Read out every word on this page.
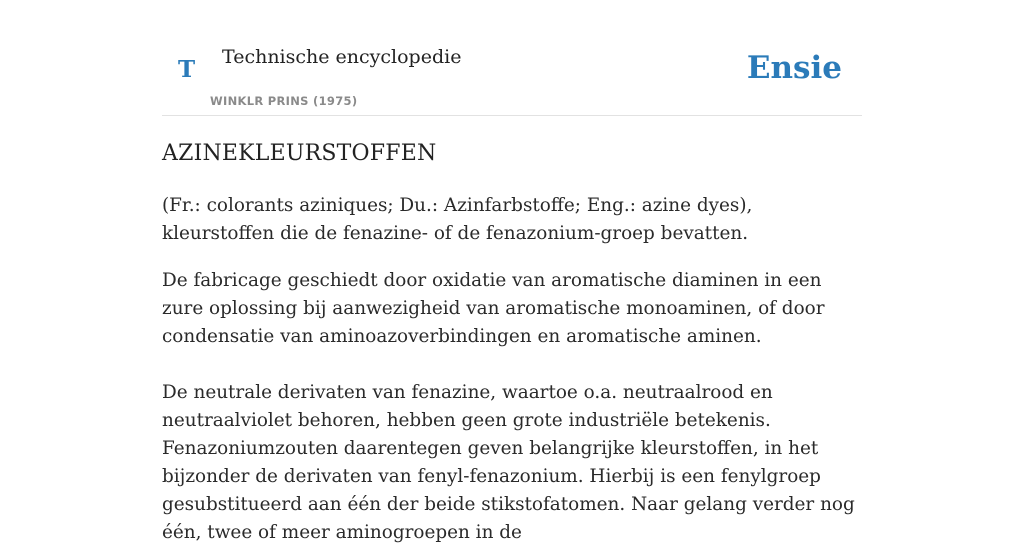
T Technische encyclopedie
WINKLR PRINS (1975)
Ensie
AZINEKLEURSTOFFEN

(Fr.: colorants aziniques; Du.: Azinfarbstoffe; Eng.: azine dyes), kleurstoffen die de fenazine- of de fenazonium-groep bevatten.

De fabricage geschiedt door oxidatie van aromatische diaminen in een zure oplossing bij aanwezigheid van aromatische monoaminen, of door condensatie van aminoazoverbindingen en aromatische aminen.

De neutrale derivaten van fenazine, waartoe o.a. neutraalrood en neutraalviolet behoren, hebben geen grote industriële betekenis. Fenazoniumzouten daarentegen geven belangrijke kleurstoffen, in het bijzonder de derivaten van fenyl-fenazonium. Hierbij is een fenylgroep gesubstitueerd aan één der beide stikstofatomen. Naar gelang verder nog één, twee of meer aminogroepen in de
